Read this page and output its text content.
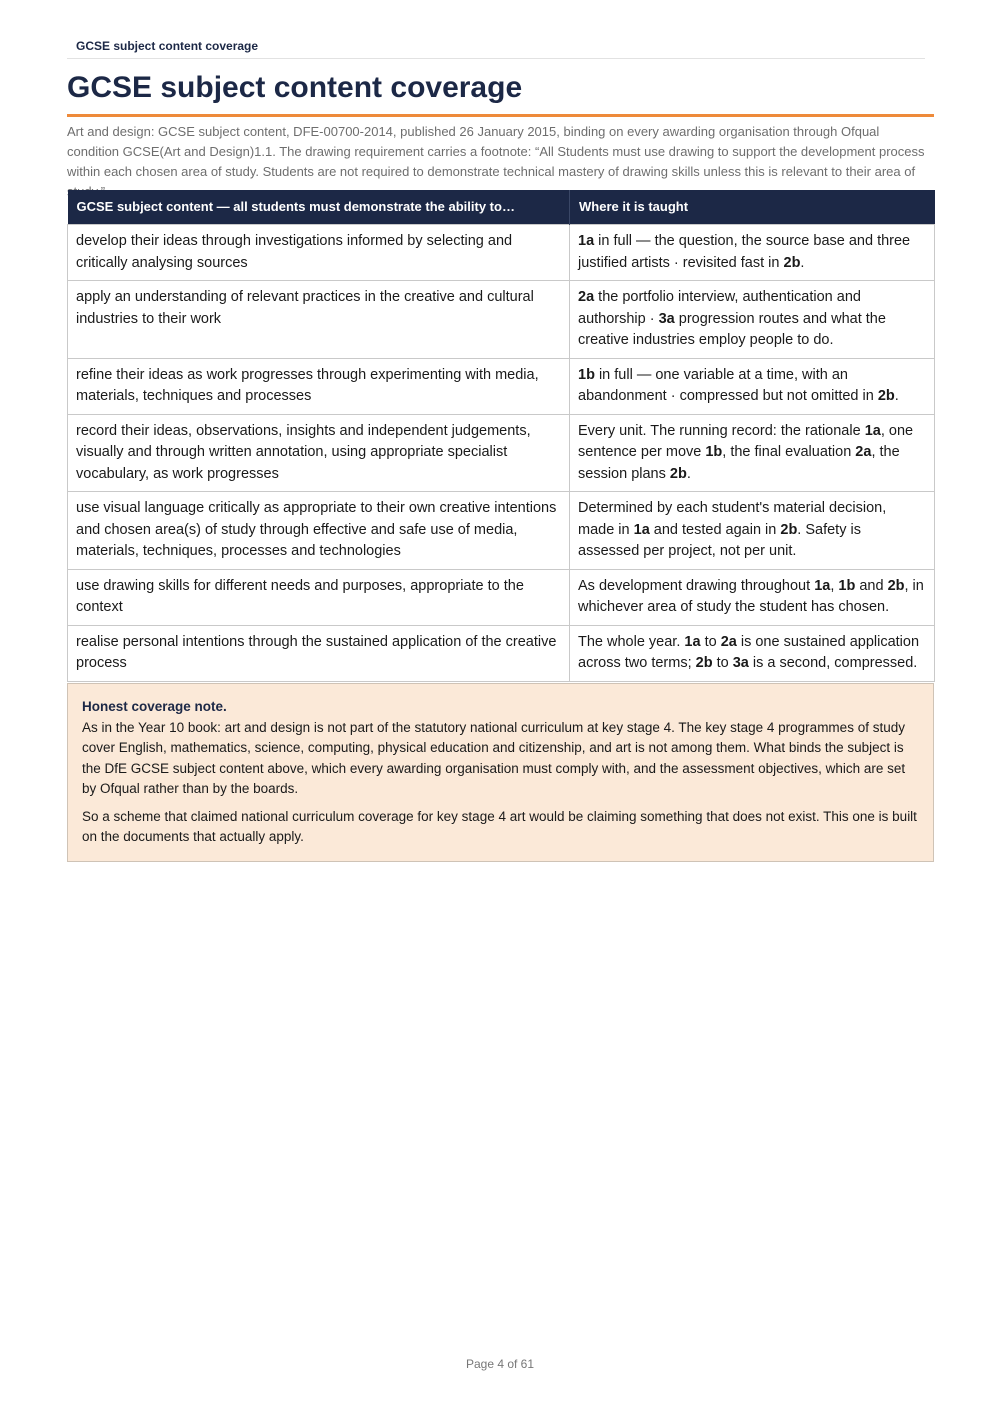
GCSE subject content coverage
GCSE subject content coverage

Art and design: GCSE subject content, DFE-00700-2014, published 26 January 2015, binding on every awarding organisation through Ofqual condition GCSE(Art and Design)1.1. The drawing requirement carries a footnote: “All Students must use drawing to support the development process within each chosen area of study. Students are not required to demonstrate technical mastery of drawing skills unless this is relevant to their area of

GCSE subject content — all students must demonstrate the ability to…	Where it is taught
develop their ideas through investigations informed by selecting and critically analysing sources	1a in full — the question, the source base and three justified artists · revisited fast in 2b.
apply an understanding of relevant practices in the creative and cultural industries to their work	2a the portfolio interview, authentication and authorship · 3a progression routes and what the creative industries employ people to do.
refine their ideas as work progresses through experimenting with media, materials, techniques and processes	1b in full — one variable at a time, with an abandonment · compressed but not omitted in 2b.
record their ideas, observations, insights and independent judgements, visually and through written annotation, using appropriate specialist vocabulary, as work progresses	Every unit. The running record: the rationale 1a, one sentence per move 1b, the final evaluation 2a, the session plans 2b.
use visual language critically as appropriate to their own creative intentions and chosen area(s) of study through effective and safe use of media, materials, techniques, processes and technologies	Determined by each student's material decision, made in 1a and tested again in 2b. Safety is assessed per project, not per unit.
use drawing skills for different needs and purposes, appropriate to the context	As development drawing throughout 1a, 1b and 2b, in whichever area of study the student has chosen.
realise personal intentions through the sustained application of the creative process	The whole year. 1a to 2a is one sustained application across two terms; 2b to 3a is a second, compressed.

Honest coverage note.

As in the Year 10 book: art and design is not part of the statutory national curriculum at key stage 4. The key stage 4 programmes of study cover English, mathematics, science, computing, physical education and citizenship, and art is not among them. What binds the subject is the DfE GCSE subject content above, which every awarding organisation must comply with, and the assessment objectives, which are set by Ofqual rather than by the boards.

So a scheme that claimed national curriculum coverage for key stage 4 art would be claiming something that does not exist. This one is built on the documents that actually apply.

Page 4 of 61
